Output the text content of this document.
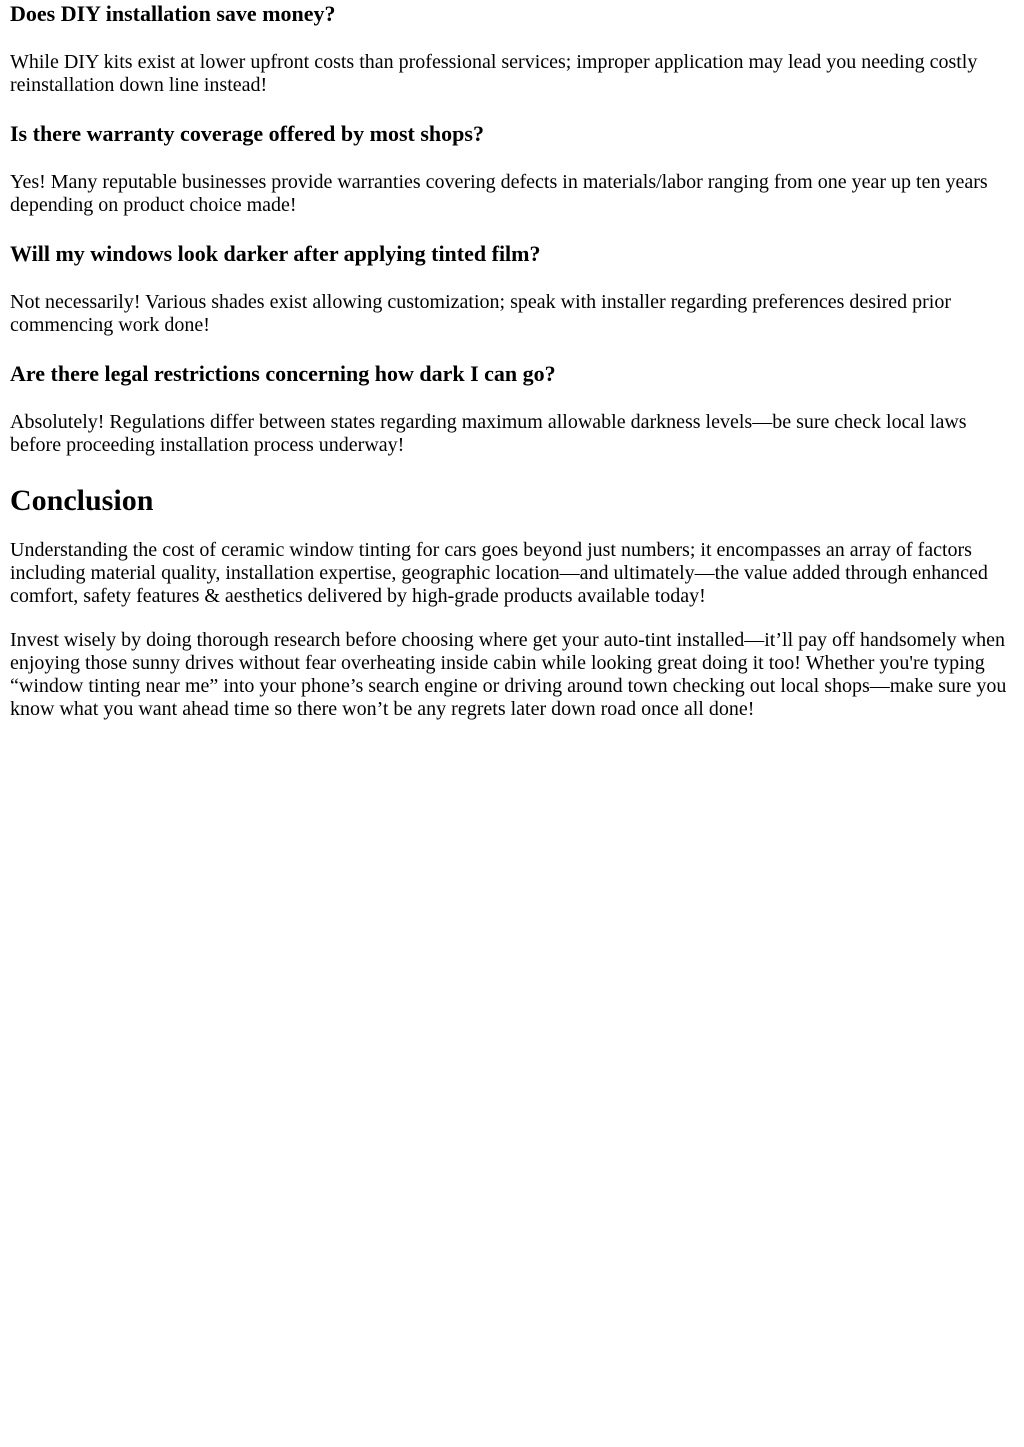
Does DIY installation save money?

While DIY kits exist at lower upfront costs than professional services; improper application may lead you needing costly reinstallation down line instead!

Is there warranty coverage offered by most shops?

Yes! Many reputable businesses provide warranties covering defects in materials/labor ranging from one year up ten years depending on product choice made!

Will my windows look darker after applying tinted film?

Not necessarily! Various shades exist allowing customization; speak with installer regarding preferences desired prior commencing work done!

Are there legal restrictions concerning how dark I can go?

Absolutely! Regulations differ between states regarding maximum allowable darkness levels—be sure check local laws before proceeding installation process underway!

Conclusion

Understanding the cost of ceramic window tinting for cars goes beyond just numbers; it encompasses an array of factors including material quality, installation expertise, geographic location—and ultimately—the value added through enhanced comfort, safety features & aesthetics delivered by high-grade products available today!

Invest wisely by doing thorough research before choosing where get your auto-tint installed—it’ll pay off handsomely when enjoying those sunny drives without fear overheating inside cabin while looking great doing it too! Whether you're typing “window tinting near me” into your phone’s search engine or driving around town checking out local shops—make sure you know what you want ahead time so there won’t be any regrets later down road once all done!
